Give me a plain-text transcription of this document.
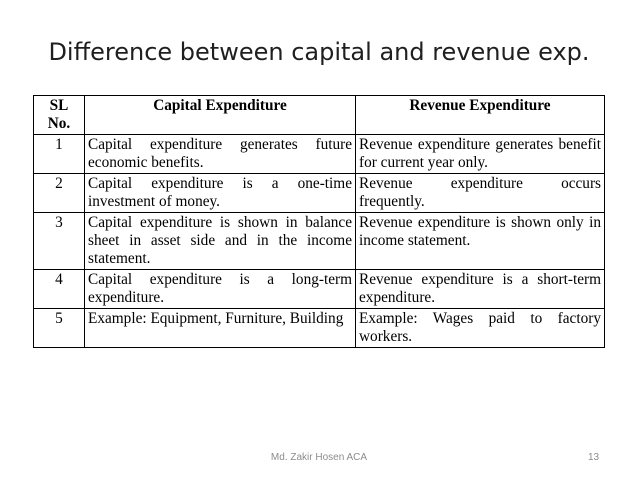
Difference between capital and revenue exp.
SL No.	Capital Expenditure	Revenue Expenditure
1	Capital expenditure generates future economic benefits.	Revenue expenditure generates benefit for current year only.
2	Capital expenditure is a one-time investment of money.	Revenue expenditure occurs frequently.
3	Capital expenditure is shown in balance sheet in asset side and in the income statement.	Revenue expenditure is shown only in income statement.
4	Capital expenditure is a long-term expenditure.	Revenue expenditure is a short-term expenditure.
5	Example: Equipment, Furniture, Building	Example: Wages paid to factory workers.
Md. Zakir Hosen ACA	13
